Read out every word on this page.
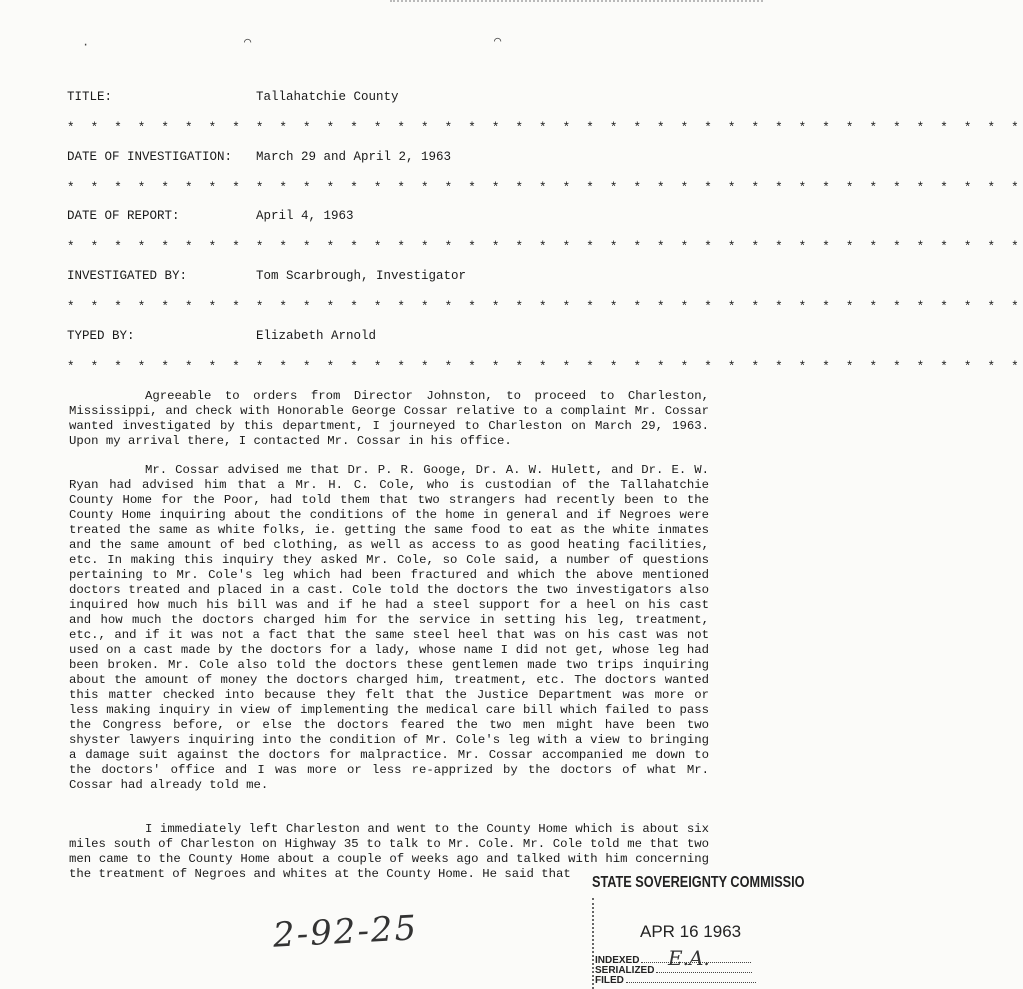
·	⌒	⌒
TITLE:	Tallahatchie County
* * * * * * * * * * * * * * * * * * * * * * * * * * * * * * * * * * * * * * * * *
DATE OF INVESTIGATION: March 29 and April 2, 1963
* * * * * * * * * * * * * * * * * * * * * * * * * * * * * * * * * * * * * * * * *
DATE OF REPORT:	April 4, 1963
* * * * * * * * * * * * * * * * * * * * * * * * * * * * * * * * * * * * * * * * *
INVESTIGATED BY:	Tom Scarbrough, Investigator
* * * * * * * * * * * * * * * * * * * * * * * * * * * * * * * * * * * * * * * * *
TYPED BY:	Elizabeth Arnold
* * * * * * * * * * * * * * * * * * * * * * * * * * * * * * * * * * * * * * * * *

Agreeable to orders from Director Johnston, to proceed to Charleston, Mississippi, and check with Honorable George Cossar relative to a complaint Mr. Cossar wanted investigated by this department, I journeyed to Charleston on March 29, 1963. Upon my arrival there, I contacted Mr. Cossar in his office.

Mr. Cossar advised me that Dr. P. R. Googe, Dr. A. W. Hulett, and Dr. E. W. Ryan had advised him that a Mr. H. C. Cole, who is custodian of the Tallahatchie County Home for the Poor, had told them that two strangers had recently been to the County Home inquiring about the conditions of the home in general and if Negroes were treated the same as white folks, ie. getting the same food to eat as the white inmates and the same amount of bed clothing, as well as access to as good heating facilities, etc. In making this inquiry they asked Mr. Cole, so Cole said, a number of questions pertaining to Mr. Cole's leg which had been fractured and which the above mentioned doctors treated and placed in a cast. Cole told the doctors the two investigators also inquired how much his bill was and if he had a steel support for a heel on his cast and how much the doctors charged him for the service in setting his leg, treatment, etc., and if it was not a fact that the same steel heel that was on his cast was not used on a cast made by the doctors for a lady, whose name I did not get, whose leg had been broken. Mr. Cole also told the doctors these gentlemen made two trips inquiring about the amount of money the doctors charged him, treatment, etc. The doctors wanted this matter checked into because they felt that the Justice Department was more or less making inquiry in view of implementing the medical care bill which failed to pass the Congress before, or else the doctors feared the two men might have been two shyster lawyers inquiring into the condition of Mr. Cole's leg with a view to bringing a damage suit against the doctors for malpractice. Mr. Cossar accompanied me down to the doctors' office and I was more or less re-apprized by the doctors of what Mr. Cossar had already told me.

I immediately left Charleston and went to the County Home which is about six miles south of Charleston on Highway 35 to talk to Mr. Cole. Mr. Cole told me that two men came to the County Home about a couple of weeks ago and talked with him concerning the treatment of Negroes and whites at the County Home. He said that

2-92-25
STATE SOVEREIGNTY COMMISSIO
APR 16 1963
INDEXED
SERIALIZED
FILED
E.A.
